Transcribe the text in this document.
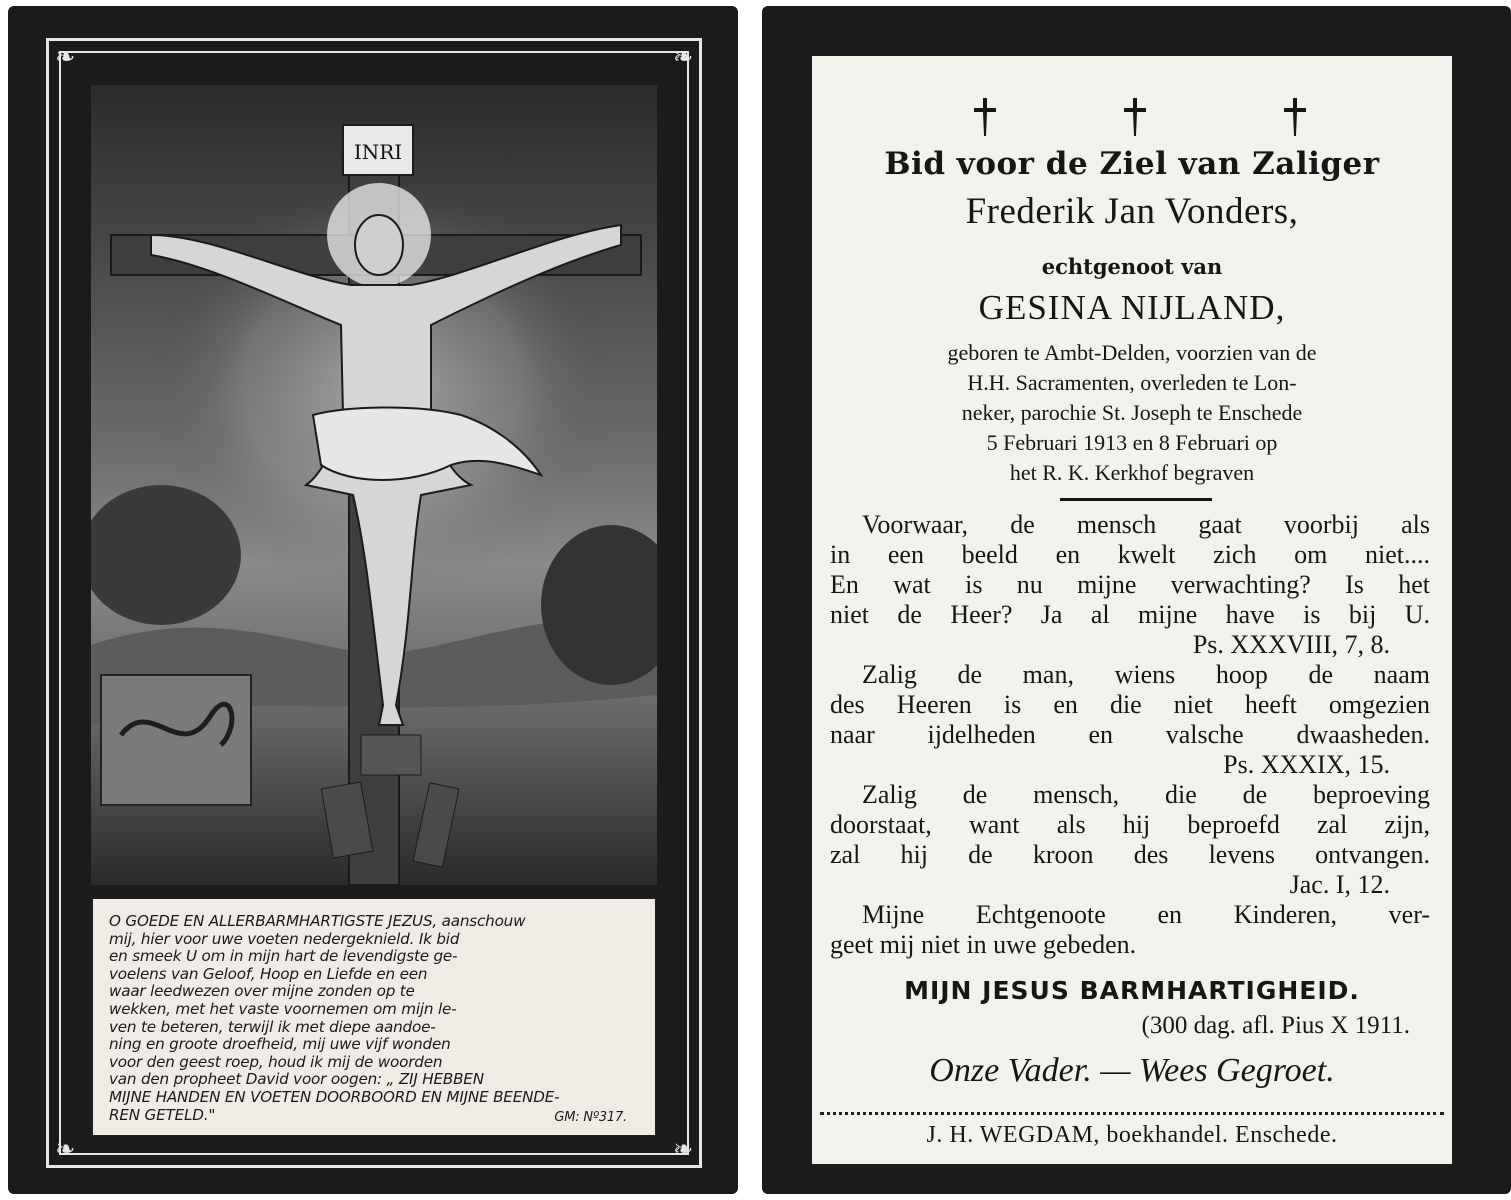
❧	❧
❧	❧
INRI
O GOEDE EN ALLERBARMHARTIGSTE JEZUS, aanschouw
mij, hier voor uwe voeten nedergeknield. Ik bid
en smeek U om in mijn hart de levendigste ge-
voelens van Geloof, Hoop en Liefde en een
waar leedwezen over mijne zonden op te
wekken, met het vaste voornemen om mijn le-
ven te beteren, terwijl ik met diepe aandoe-
ning en groote droefheid, mij uwe vijf wonden
voor den geest roep, houd ik mij de woorden
van den propheet David voor oogen: „ ZIJ HEBBEN
MIJNE HANDEN EN VOETEN DOORBOORD EN MIJNE BEENDE-
REN GETELD."	GM: Nº317.
Bid voor de Ziel van Zaliger
Frederik Jan Vonders,
echtgenoot van
GESINA NIJLAND,
geboren te Ambt-Delden, voorzien van de
H.H. Sacramenten, overleden te Lon-
neker, parochie St. Joseph te Enschede
5 Februari 1913 en 8 Februari op
het R. K. Kerkhof begraven

Voorwaar, de mensch gaat voorbij als

in een beeld en kwelt zich om niet....

En wat is nu mijne verwachting? Is het

niet de Heer? Ja al mijne have is bij U.

Ps. XXXVIII, 7, 8.

Zalig de man, wiens hoop de naam

des Heeren is en die niet heeft omgezien

naar ijdelheden en valsche dwaasheden.

Ps. XXXIX, 15.

Zalig de mensch, die de beproeving

doorstaat, want als hij beproefd zal zijn,

zal hij de kroon des levens ontvangen.

Jac. I, 12.

Mijne Echtgenoote en Kinderen, ver-

geet mij niet in uwe gebeden.

MIJN JESUS BARMHARTIGHEID.
(300 dag. afl. Pius X 1911.
Onze Vader. — Wees Gegroet.
J. H. WEGDAM, boekhandel. Enschede.
